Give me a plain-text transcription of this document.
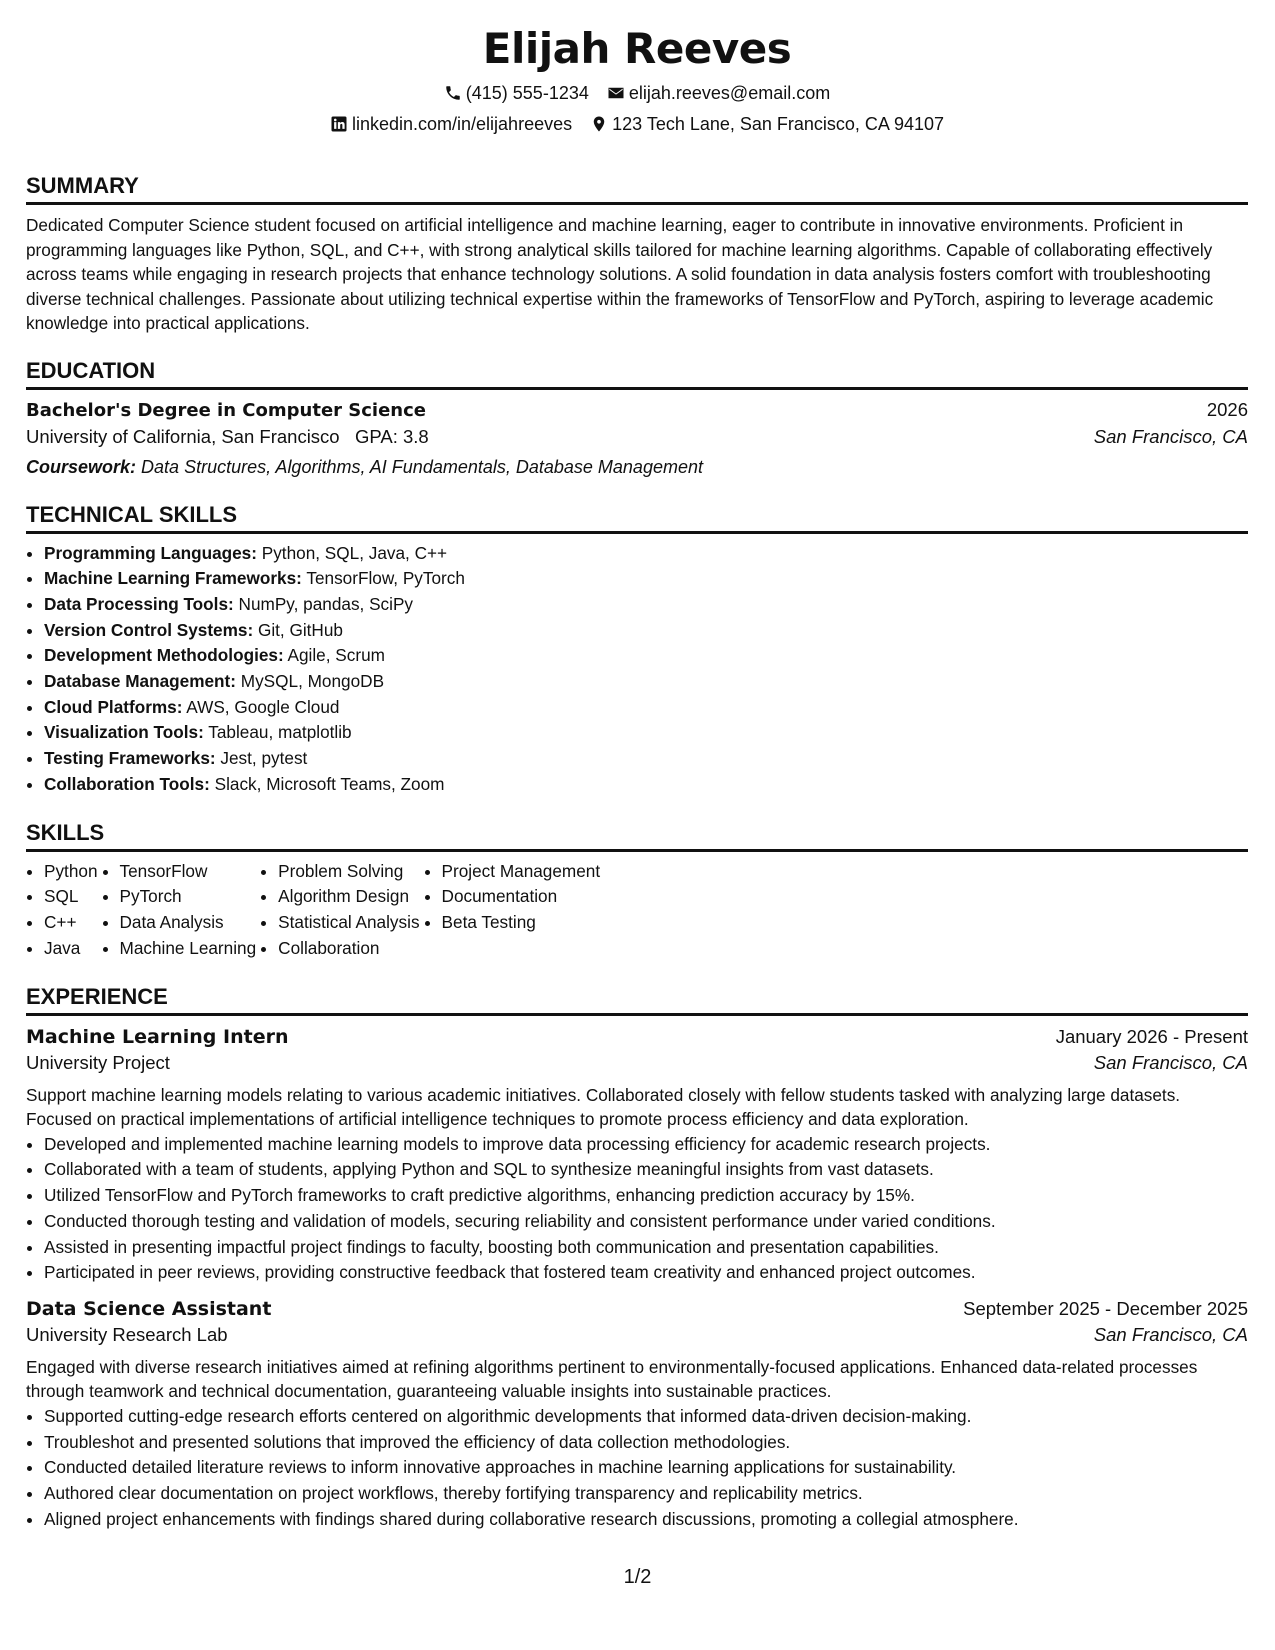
Elijah Reeves
(415) 555-1234 elijah.reeves@email.com
linkedin.com/in/elijahreeves 123 Tech Lane, San Francisco, CA 94107
SUMMARY
Dedicated Computer Science student focused on artificial intelligence and machine learning, eager to contribute in innovative environments. Proficient in programming languages like Python, SQL, and C++, with strong analytical skills tailored for machine learning algorithms. Capable of collaborating effectively across teams while engaging in research projects that enhance technology solutions. A solid foundation in data analysis fosters comfort with troubleshooting diverse technical challenges. Passionate about utilizing technical expertise within the frameworks of TensorFlow and PyTorch, aspiring to leverage academic knowledge into practical applications.
EDUCATION
Bachelor's Degree in Computer Science	2026
University of California, San Francisco GPA: 3.8	San Francisco, CA
Coursework: Data Structures, Algorithms, AI Fundamentals, Database Management
TECHNICAL SKILLS
• Programming Languages: Python, SQL, Java, C++
• Machine Learning Frameworks: TensorFlow, PyTorch
• Data Processing Tools: NumPy, pandas, SciPy
• Version Control Systems: Git, GitHub
• Development Methodologies: Agile, Scrum
• Database Management: MySQL, MongoDB
• Cloud Platforms: AWS, Google Cloud
• Visualization Tools: Tableau, matplotlib
• Testing Frameworks: Jest, pytest
• Collaboration Tools: Slack, Microsoft Teams, Zoom
SKILLS
• Python
• SQL
• C++
• Java
• TensorFlow
• PyTorch
• Data Analysis
• Machine Learning
• Problem Solving
• Algorithm Design
• Statistical Analysis
• Collaboration
• Project Management
• Documentation
• Beta Testing
EXPERIENCE
Machine Learning Intern	January 2026 - Present
University Project	San Francisco, CA
Support machine learning models relating to various academic initiatives. Collaborated closely with fellow students tasked with analyzing large datasets. Focused on practical implementations of artificial intelligence techniques to promote process efficiency and data exploration.
• Developed and implemented machine learning models to improve data processing efficiency for academic research projects.
• Collaborated with a team of students, applying Python and SQL to synthesize meaningful insights from vast datasets.
• Utilized TensorFlow and PyTorch frameworks to craft predictive algorithms, enhancing prediction accuracy by 15%.
• Conducted thorough testing and validation of models, securing reliability and consistent performance under varied conditions.
• Assisted in presenting impactful project findings to faculty, boosting both communication and presentation capabilities.
• Participated in peer reviews, providing constructive feedback that fostered team creativity and enhanced project outcomes.
Data Science Assistant	September 2025 - December 2025
University Research Lab	San Francisco, CA
Engaged with diverse research initiatives aimed at refining algorithms pertinent to environmentally-focused applications. Enhanced data-related processes through teamwork and technical documentation, guaranteeing valuable insights into sustainable practices.
• Supported cutting-edge research efforts centered on algorithmic developments that informed data-driven decision-making.
• Troubleshot and presented solutions that improved the efficiency of data collection methodologies.
• Conducted detailed literature reviews to inform innovative approaches in machine learning applications for sustainability.
• Authored clear documentation on project workflows, thereby fortifying transparency and replicability metrics.
• Aligned project enhancements with findings shared during collaborative research discussions, promoting a collegial atmosphere.
1/2
